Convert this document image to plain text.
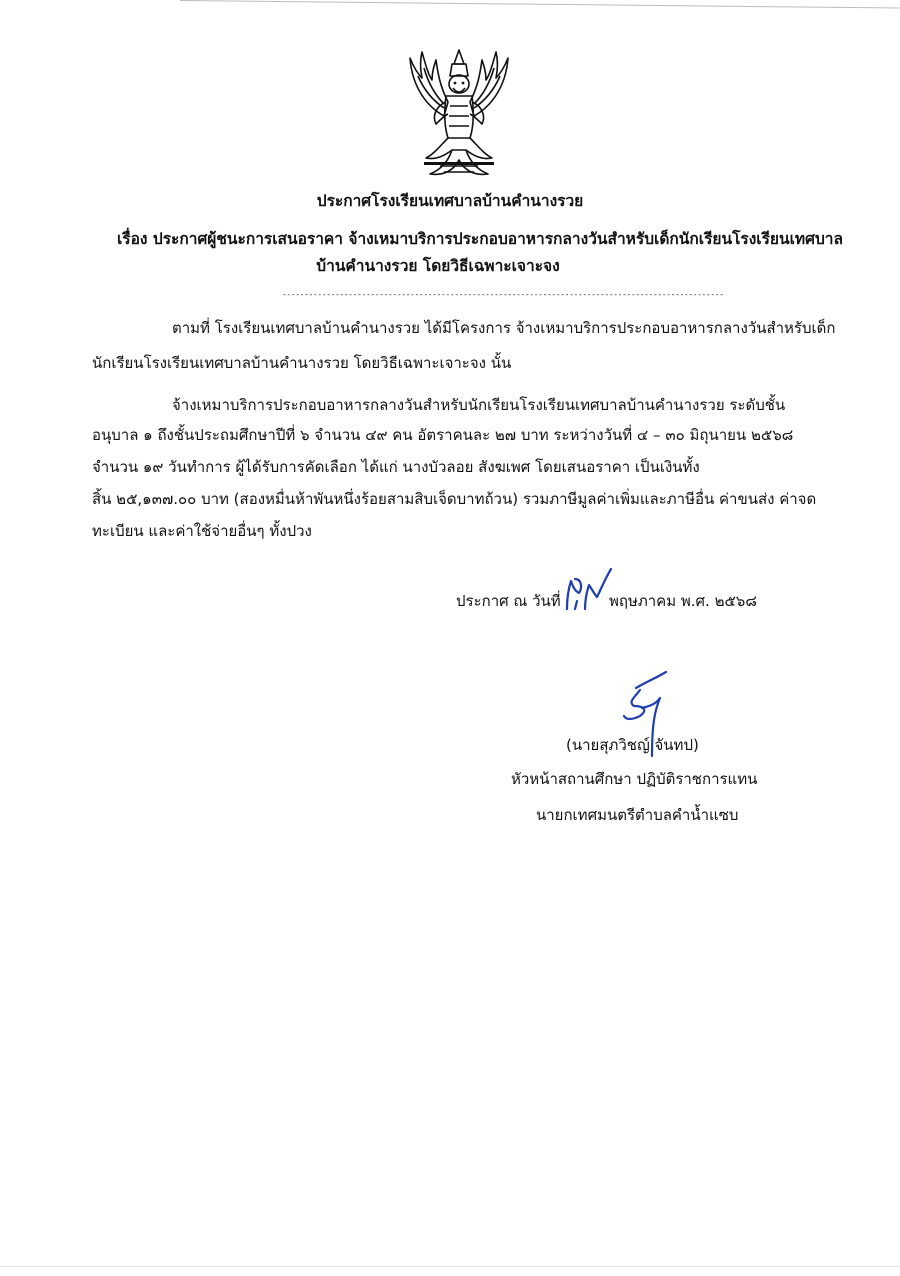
ประกาศโรงเรียนเทศบาลบ้านคำนางรวย
เรื่อง ประกาศผู้ชนะการเสนอราคา จ้างเหมาบริการประกอบอาหารกลางวันสำหรับเด็กนักเรียนโรงเรียนเทศบาล
บ้านคำนางรวย โดยวิธีเฉพาะเจาะจง
----------------------------------------------------------------------------------------------------
ตามที่ โรงเรียนเทศบาลบ้านคำนางรวย ได้มีโครงการ จ้างเหมาบริการประกอบอาหารกลางวันสำหรับเด็ก
นักเรียนโรงเรียนเทศบาลบ้านคำนางรวย โดยวิธีเฉพาะเจาะจง นั้น
จ้างเหมาบริการประกอบอาหารกลางวันสำหรับนักเรียนโรงเรียนเทศบาลบ้านคำนางรวย ระดับชั้น
อนุบาล ๑ ถึงชั้นประถมศึกษาปีที่ ๖ จำนวน ๔๙ คน อัตราคนละ ๒๗ บาท ระหว่างวันที่ ๔ – ๓๐ มิถุนายน ๒๕๖๘
จำนวน ๑๙ วันทำการ ผู้ได้รับการคัดเลือก ได้แก่ นางบัวลอย สังฆเพศ โดยเสนอราคา เป็นเงินทั้ง
สิ้น ๒๕,๑๓๗.๐๐ บาท (สองหมื่นห้าพันหนึ่งร้อยสามสิบเจ็ดบาทถ้วน) รวมภาษีมูลค่าเพิ่มและภาษีอื่น ค่าขนส่ง ค่าจด
ทะเบียน และค่าใช้จ่ายอื่นๆ ทั้งปวง
ประกาศ ณ วันที่	พฤษภาคม พ.ศ. ๒๕๖๘
(นายสุภวิชญ์ จันทป)
หัวหน้าสถานศึกษา ปฏิบัติราชการแทน
นายกเทศมนตรีตำบลคำน้ำแซบ
